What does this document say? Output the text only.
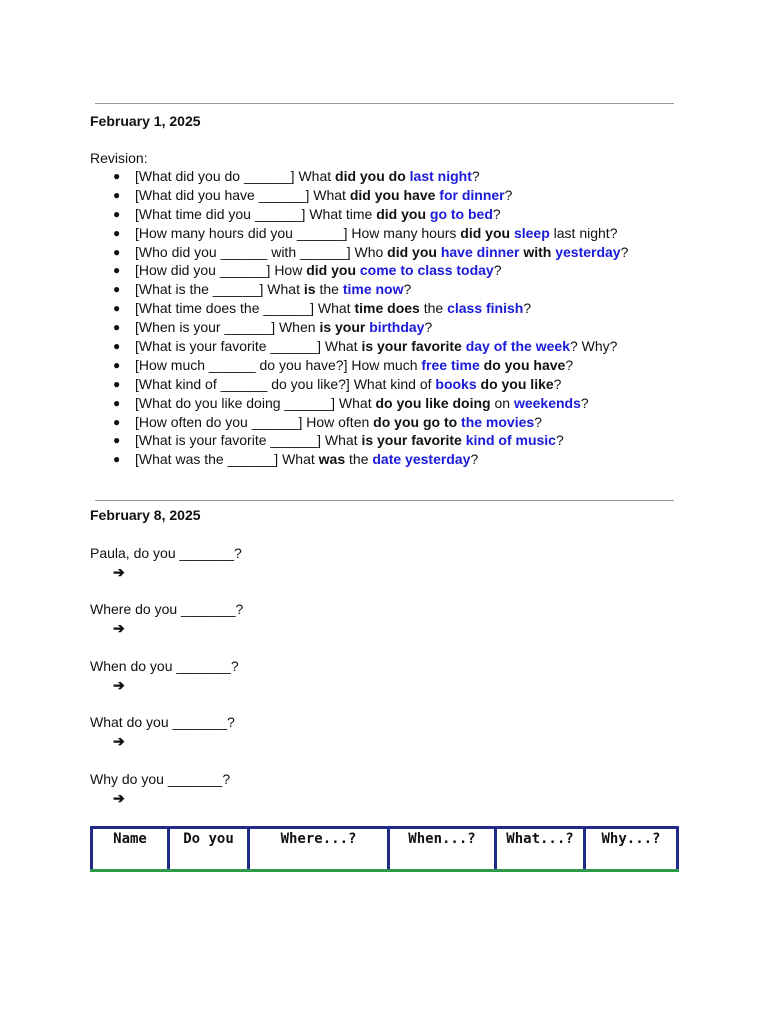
February 1, 2025
Revision:
● [What did you do ______] What did you do last night?
● [What did you have ______] What did you have for dinner?
● [What time did you ______] What time did you go to bed?
● [How many hours did you ______] How many hours did you sleep last night?
● [Who did you ______ with ______] Who did you have dinner with yesterday?
● [How did you ______] How did you come to class today?
● [What is the ______] What is the time now?
● [What time does the ______] What time does the class finish?
● [When is your ______] When is your birthday?
● [What is your favorite ______] What is your favorite day of the week? Why?
● [How much ______ do you have?] How much free time do you have?
● [What kind of ______ do you like?] What kind of books do you like?
● [What do you like doing ______] What do you like doing on weekends?
● [How often do you ______] How often do you go to the movies?
● [What is your favorite ______] What is your favorite kind of music?
● [What was the ______] What was the date yesterday?
February 8, 2025
Paula, do you _______?
➔
Where do you _______?
➔
When do you _______?
➔
What do you _______?
➔
Why do you _______?
➔
Name	Do you	Where...?	When...?	What...?	Why...?
